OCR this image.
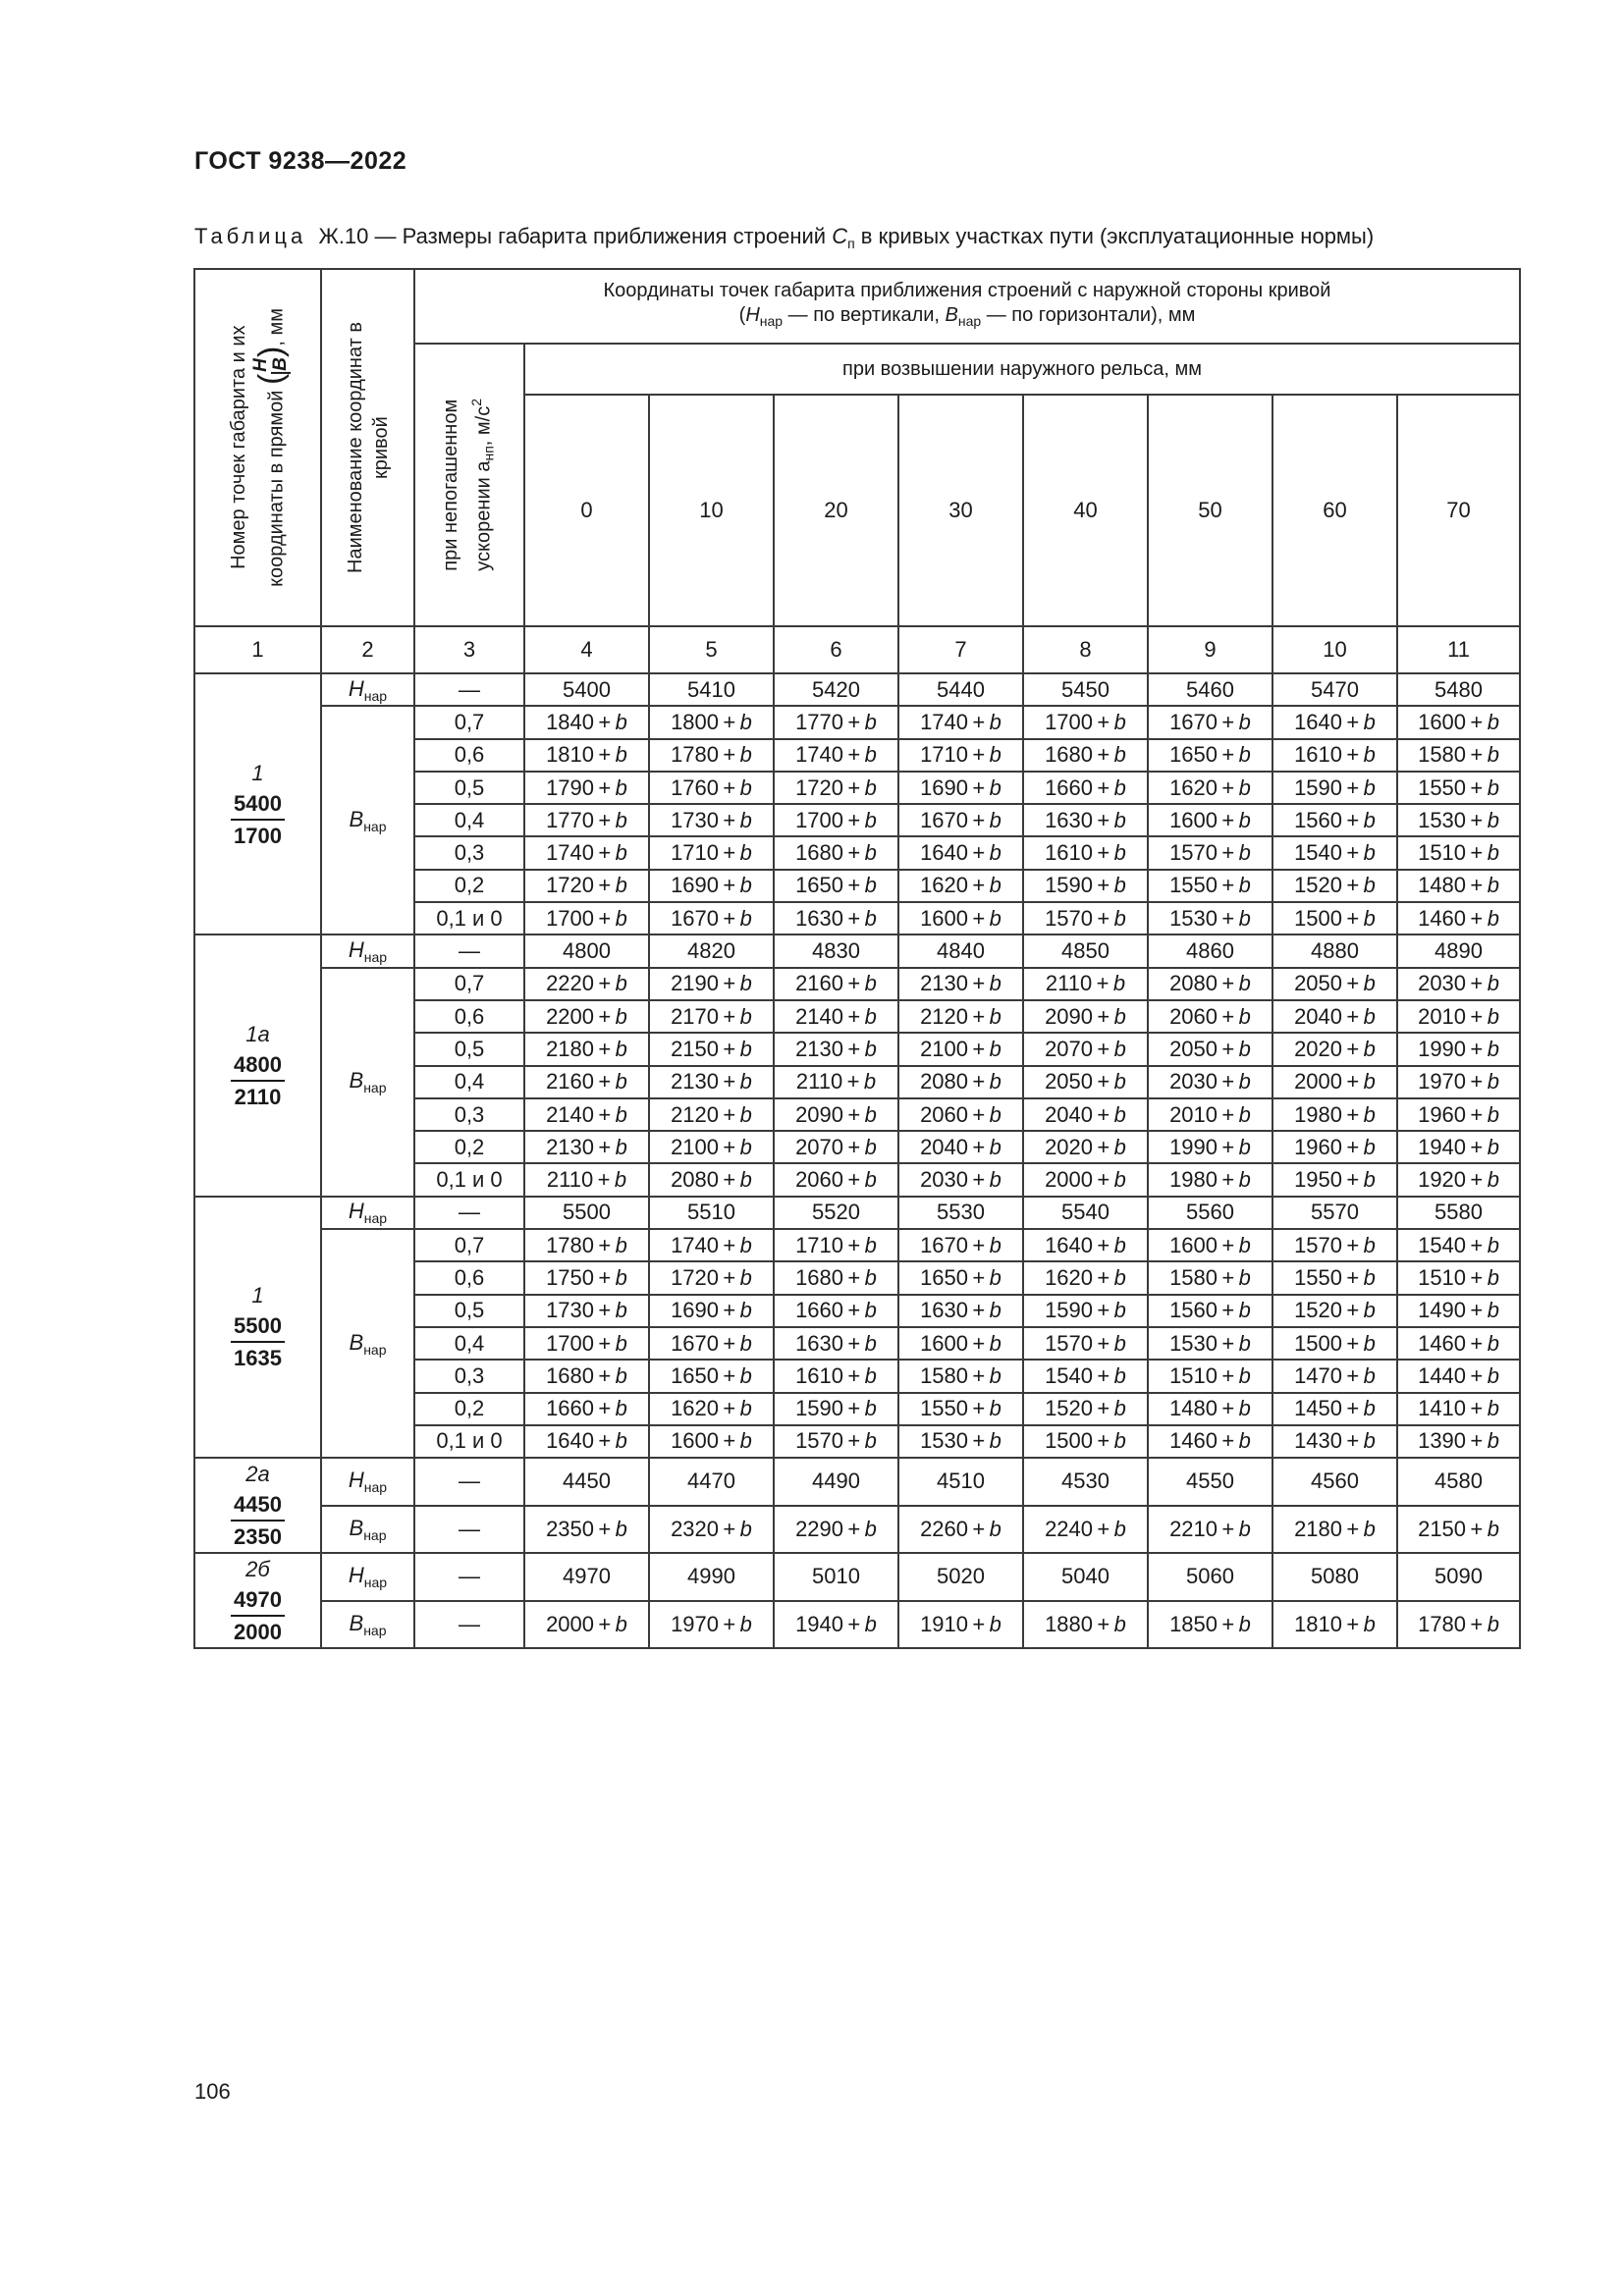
ГОСТ 9238—2022
Таблица Ж.10 — Размеры габарита приближения строений $C_п$ в кривых участках пути (эксплуатационные нормы)
Номер точек габарита и их координаты в прямой (
H B
), мм	Наименование координат в кривой	Координаты точек габарита приближения строений с наружной стороны кривой
($H_{нар}$ — по вертикали, $B_{нар}$ — по горизонтали), мм								

		при непогашенном ускорении $a_{нп}$, $м/с^2$	при возвышении наружного рельса, мм							
			0	10	20	30	40	50	60	70
1	2	3	4	5	6	7	8	9	10	11

1
5400
1700	$H_{нар}$	—	5400	5410	5420	5440	5450	5460	5470	5480
	$B_{нар}$	0,7	1840 + b	1800 + b	1770 + b	1740 + b	1700 + b	1670 + b	1640 + b	1600 + b
		0,6	1810 + b	1780 + b	1740 + b	1710 + b	1680 + b	1650 + b	1610 + b	1580 + b
		0,5	1790 + b	1760 + b	1720 + b	1690 + b	1660 + b	1620 + b	1590 + b	1550 + b
		0,4	1770 + b	1730 + b	1700 + b	1670 + b	1630 + b	1600 + b	1560 + b	1530 + b
		0,3	1740 + b	1710 + b	1680 + b	1640 + b	1610 + b	1570 + b	1540 + b	1510 + b
		0,2	1720 + b	1690 + b	1650 + b	1620 + b	1590 + b	1550 + b	1520 + b	1480 + b
		0,1 и 0	1700 + b	1670 + b	1630 + b	1600 + b	1570 + b	1530 + b	1500 + b	1460 + b

1а
4800
2110	$H_{нар}$	—	4800	4820	4830	4840	4850	4860	4880	4890
	$B_{нар}$	0,7	2220 + b	2190 + b	2160 + b	2130 + b	2110 + b	2080 + b	2050 + b	2030 + b
		0,6	2200 + b	2170 + b	2140 + b	2120 + b	2090 + b	2060 + b	2040 + b	2010 + b
		0,5	2180 + b	2150 + b	2130 + b	2100 + b	2070 + b	2050 + b	2020 + b	1990 + b
		0,4	2160 + b	2130 + b	2110 + b	2080 + b	2050 + b	2030 + b	2000 + b	1970 + b
		0,3	2140 + b	2120 + b	2090 + b	2060 + b	2040 + b	2010 + b	1980 + b	1960 + b
		0,2	2130 + b	2100 + b	2070 + b	2040 + b	2020 + b	1990 + b	1960 + b	1940 + b
		0,1 и 0	2110 + b	2080 + b	2060 + b	2030 + b	2000 + b	1980 + b	1950 + b	1920 + b

1
5500
1635	$H_{нар}$	—	5500	5510	5520	5530	5540	5560	5570	5580
	$B_{нар}$	0,7	1780 + b	1740 + b	1710 + b	1670 + b	1640 + b	1600 + b	1570 + b	1540 + b
		0,6	1750 + b	1720 + b	1680 + b	1650 + b	1620 + b	1580 + b	1550 + b	1510 + b
		0,5	1730 + b	1690 + b	1660 + b	1630 + b	1590 + b	1560 + b	1520 + b	1490 + b
		0,4	1700 + b	1670 + b	1630 + b	1600 + b	1570 + b	1530 + b	1500 + b	1460 + b
		0,3	1680 + b	1650 + b	1610 + b	1580 + b	1540 + b	1510 + b	1470 + b	1440 + b
		0,2	1660 + b	1620 + b	1590 + b	1550 + b	1520 + b	1480 + b	1450 + b	1410 + b
		0,1 и 0	1640 + b	1600 + b	1570 + b	1530 + b	1500 + b	1460 + b	1430 + b	1390 + b

2а
4450
2350	$H_{нар}$	—	4450	4470	4490	4510	4530	4550	4560	4580
	$B_{нар}$	—	2350 + b	2320 + b	2290 + b	2260 + b	2240 + b	2210 + b	2180 + b	2150 + b

2б
4970
2000	$H_{нар}$	—	4970	4990	5010	5020	5040	5060	5080	5090
	$B_{нар}$	—	2000 + b	1970 + b	1940 + b	1910 + b	1880 + b	1850 + b	1810 + b	1780 + b
106
